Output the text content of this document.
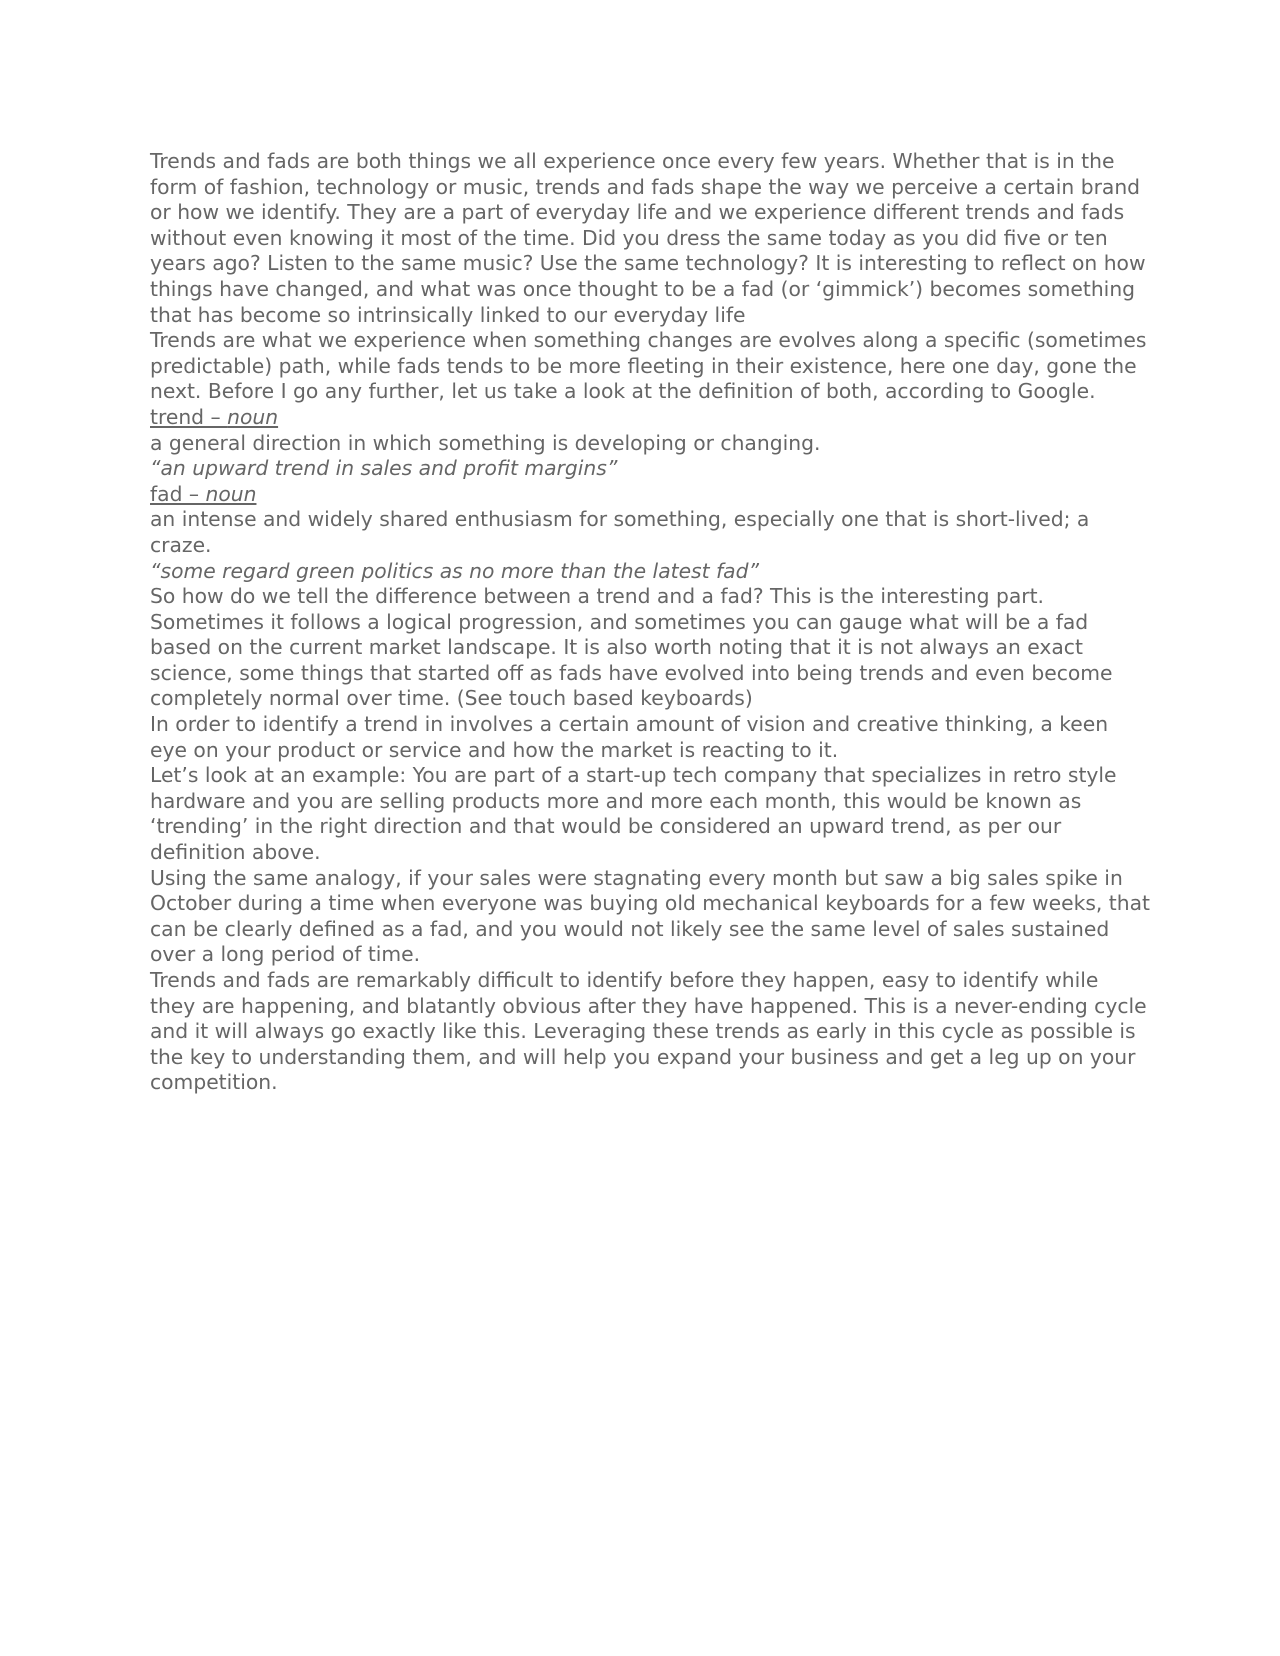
Trends and fads are both things we all experience once every few years. Whether that is in the form of fashion, technology or music, trends and fads shape the way we perceive a certain brand or how we identify. They are a part of everyday life and we experience different trends and fads without even knowing it most of the time. Did you dress the same today as you did five or ten years ago? Listen to the same music? Use the same technology? It is interesting to reflect on how things have changed, and what was once thought to be a fad (or ‘gimmick’) becomes something that has become so intrinsically linked to our everyday life

Trends are what we experience when something changes are evolves along a specific (sometimes predictable) path, while fads tends to be more fleeting in their existence, here one day, gone the next. Before I go any further, let us take a look at the definition of both, according to Google.

trend – noun

a general direction in which something is developing or changing.

“an upward trend in sales and profit margins”

fad – noun

an intense and widely shared enthusiasm for something, especially one that is short-lived; a craze.

“some regard green politics as no more than the latest fad”

So how do we tell the difference between a trend and a fad? This is the interesting part. Sometimes it follows a logical progression, and sometimes you can gauge what will be a fad based on the current market landscape. It is also worth noting that it is not always an exact science, some things that started off as fads have evolved into being trends and even become completely normal over time. (See touch based keyboards)

In order to identify a trend in involves a certain amount of vision and creative thinking, a keen eye on your product or service and how the market is reacting to it.

Let’s look at an example: You are part of a start-up tech company that specializes in retro style hardware and you are selling products more and more each month, this would be known as ‘trending’ in the right direction and that would be considered an upward trend, as per our definition above.

Using the same analogy, if your sales were stagnating every month but saw a big sales spike in October during a time when everyone was buying old mechanical keyboards for a few weeks, that can be clearly defined as a fad, and you would not likely see the same level of sales sustained over a long period of time.

Trends and fads are remarkably difficult to identify before they happen, easy to identify while they are happening, and blatantly obvious after they have happened. This is a never-ending cycle and it will always go exactly like this. Leveraging these trends as early in this cycle as possible is the key to understanding them, and will help you expand your business and get a leg up on your competition.
